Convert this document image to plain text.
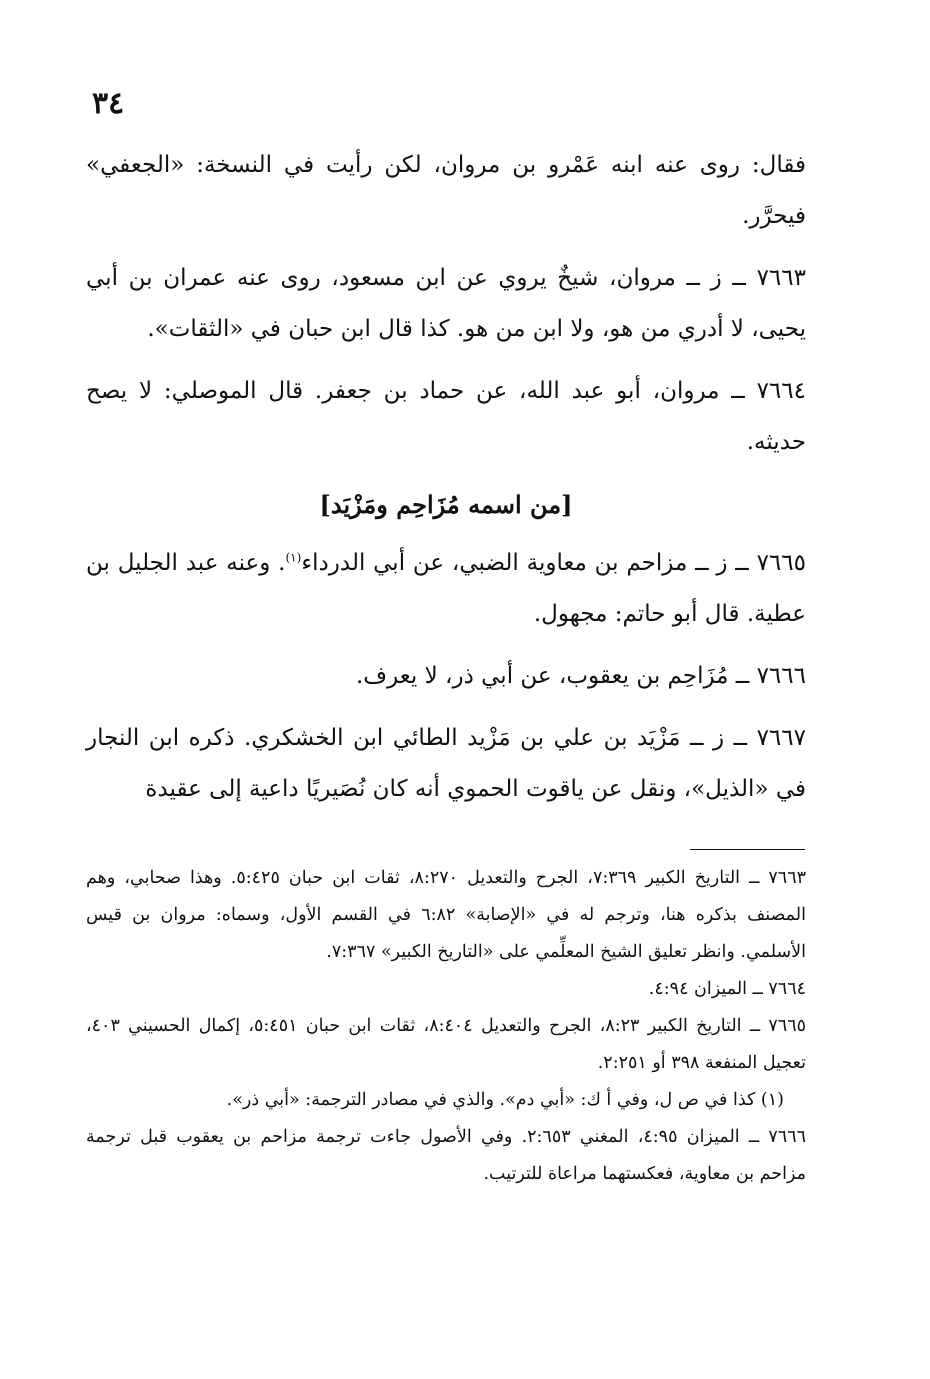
٣٤

فقال: روى عنه ابنه عَمْرو بن مروان، لكن رأيت في النسخة: «الجعفي» فيحرَّر.

٧٦٦٣ ــ ز ــ مروان، شيخٌ يروي عن ابن مسعود، روى عنه عمران بن أبي يحيى، لا أدري من هو، ولا ابن من هو. كذا قال ابن حبان في «الثقات».

٧٦٦٤ ــ مروان، أبو عبد الله، عن حماد بن جعفر. قال الموصلي: لا يصح حديثه.

[من اسمه مُزَاحِم ومَزْيَد]

٧٦٦٥ ــ ز ــ مزاحم بن معاوية الضبي، عن أبي الدرداء$^{(١)}$. وعنه عبد الجليل بن عطية. قال أبو حاتم: مجهول.

٧٦٦٦ ــ مُزَاحِم بن يعقوب، عن أبي ذر، لا يعرف.

٧٦٦٧ ــ ز ــ مَزْيَد بن علي بن مَزْيد الطائي ابن الخشكري. ذكره ابن النجار في «الذيل»، ونقل عن ياقوت الحموي أنه كان نُصَيريًا داعية إلى عقيدة

٧٦٦٣ ــ التاريخ الكبير ٧:٣٦٩، الجرح والتعديل ٨:٢٧٠، ثقات ابن حبان ٥:٤٢٥. وهذا صحابي، وهم المصنف بذكره هنا، وترجم له في «الإصابة» ٦:٨٢ في القسم الأول، وسماه: مروان بن قيس الأسلمي. وانظر تعليق الشيخ المعلِّمي على «التاريخ الكبير» ٧:٣٦٧.

٧٦٦٤ ــ الميزان ٤:٩٤.

٧٦٦٥ ــ التاريخ الكبير ٨:٢٣، الجرح والتعديل ٨:٤٠٤، ثقات ابن حبان ٥:٤٥١، إكمال الحسيني ٤٠٣، تعجيل المنفعة ٣٩٨ أو ٢:٢٥١.

(١) كذا في ص ل، وفي أ ك: «أبي دم». والذي في مصادر الترجمة: «أبي ذر».

٧٦٦٦ ــ الميزان ٤:٩٥، المغني ٢:٦٥٣. وفي الأصول جاءت ترجمة مزاحم بن يعقوب قبل ترجمة مزاحم بن معاوية، فعكستهما مراعاة للترتيب.
